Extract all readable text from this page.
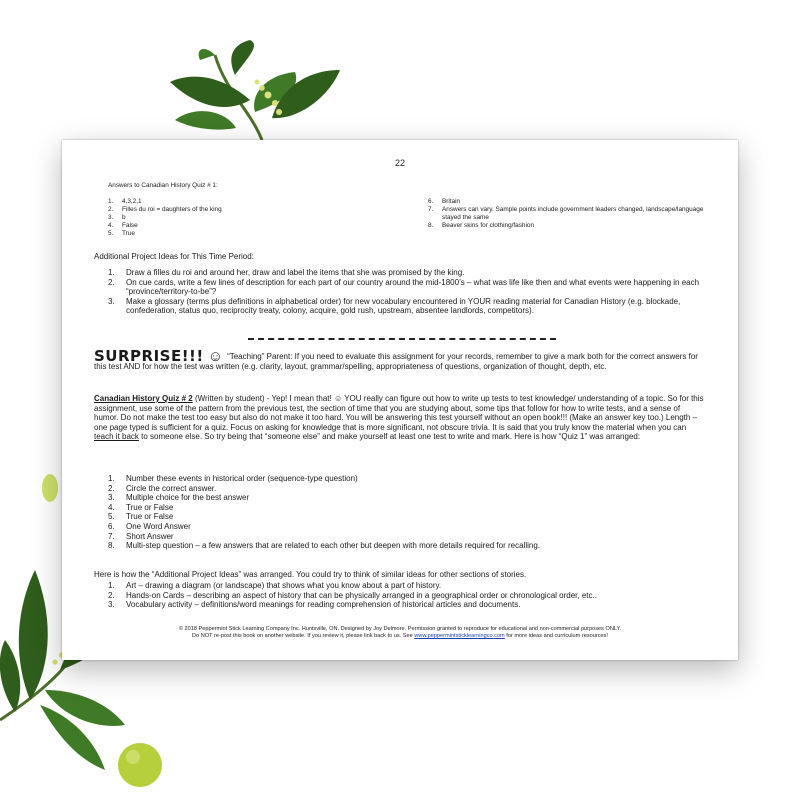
22
Answers to Canadian History Quiz # 1:
1.	4,3,2,1
2.	Filles du roi = daughters of the king
3.	b
4.	False
5.	True
6.	Britain
7.	Answers can vary. Sample points include government leaders changed, landscape/language stayed the same
8.	Beaver skins for clothing/fashion
Additional Project Ideas for This Time Period:
1.	Draw a filles du roi and around her, draw and label the items that she was promised by the king.
2.	On cue cards, write a few lines of description for each part of our country around the mid-1800’s – what was life like then and what events were happening in each “province/territory-to-be”?
3.	Make a glossary (terms plus definitions in alphabetical order) for new vocabulary encountered in YOUR reading material for Canadian History (e.g. blockade, confederation, status quo, reciprocity treaty, colony, acquire, gold rush, upstream, absentee landlords, competitors).
SURPRISE!!! ☺ “Teaching” Parent: If you need to evaluate this assignment for your records, remember to give a mark both for the correct answers for this test AND for how the test was written (e.g. clarity, layout, grammar/spelling, appropriateness of questions, organization of thought, depth, etc.
Canadian History Quiz # 2 (Written by student) - Yep! I mean that! ☺ YOU really can figure out how to write up tests to test knowledge/ understanding of a topic. So for this assignment, use some of the pattern from the previous test, the section of time that you are studying about, some tips that follow for how to write tests, and a sense of humor. Do not make the test too easy but also do not make it too hard. You will be answering this test yourself without an open book!!! (Make an answer key too.) Length – one page typed is sufficient for a quiz. Focus on asking for knowledge that is more significant, not obscure trivia. It is said that you truly know the material when you can teach it back to someone else. So try being that “someone else” and make yourself at least one test to write and mark. Here is how “Quiz 1” was arranged:
1.	Number these events in historical order (sequence-type question)
2.	Circle the correct answer.
3.	Multiple choice for the best answer
4.	True or False
5.	True or False
6.	One Word Answer
7.	Short Answer
8.	Multi-step question – a few answers that are related to each other but deepen with more details required for recalling.
Here is how the “Additional Project Ideas” was arranged. You could try to think of similar ideas for other sections of stories.
1.	Art – drawing a diagram (or landscape) that shows what you know about a part of history.
2.	Hands-on Cards – describing an aspect of history that can be physically arranged in a geographical order or chronological order, etc..
3.	Vocabulary activity – definitions/word meanings for reading comprehension of historical articles and documents.
© 2018 Peppermint Stick Learning Company Inc. Huntsville, ON. Designed by Joy Delmore. Permission granted to reproduce for educational and non-commercial purposes ONLY.
Do NOT re-post this book on another website. If you review it, please link back to us. See www.peppermintsticklearningco.com for more ideas and curriculum resources!
